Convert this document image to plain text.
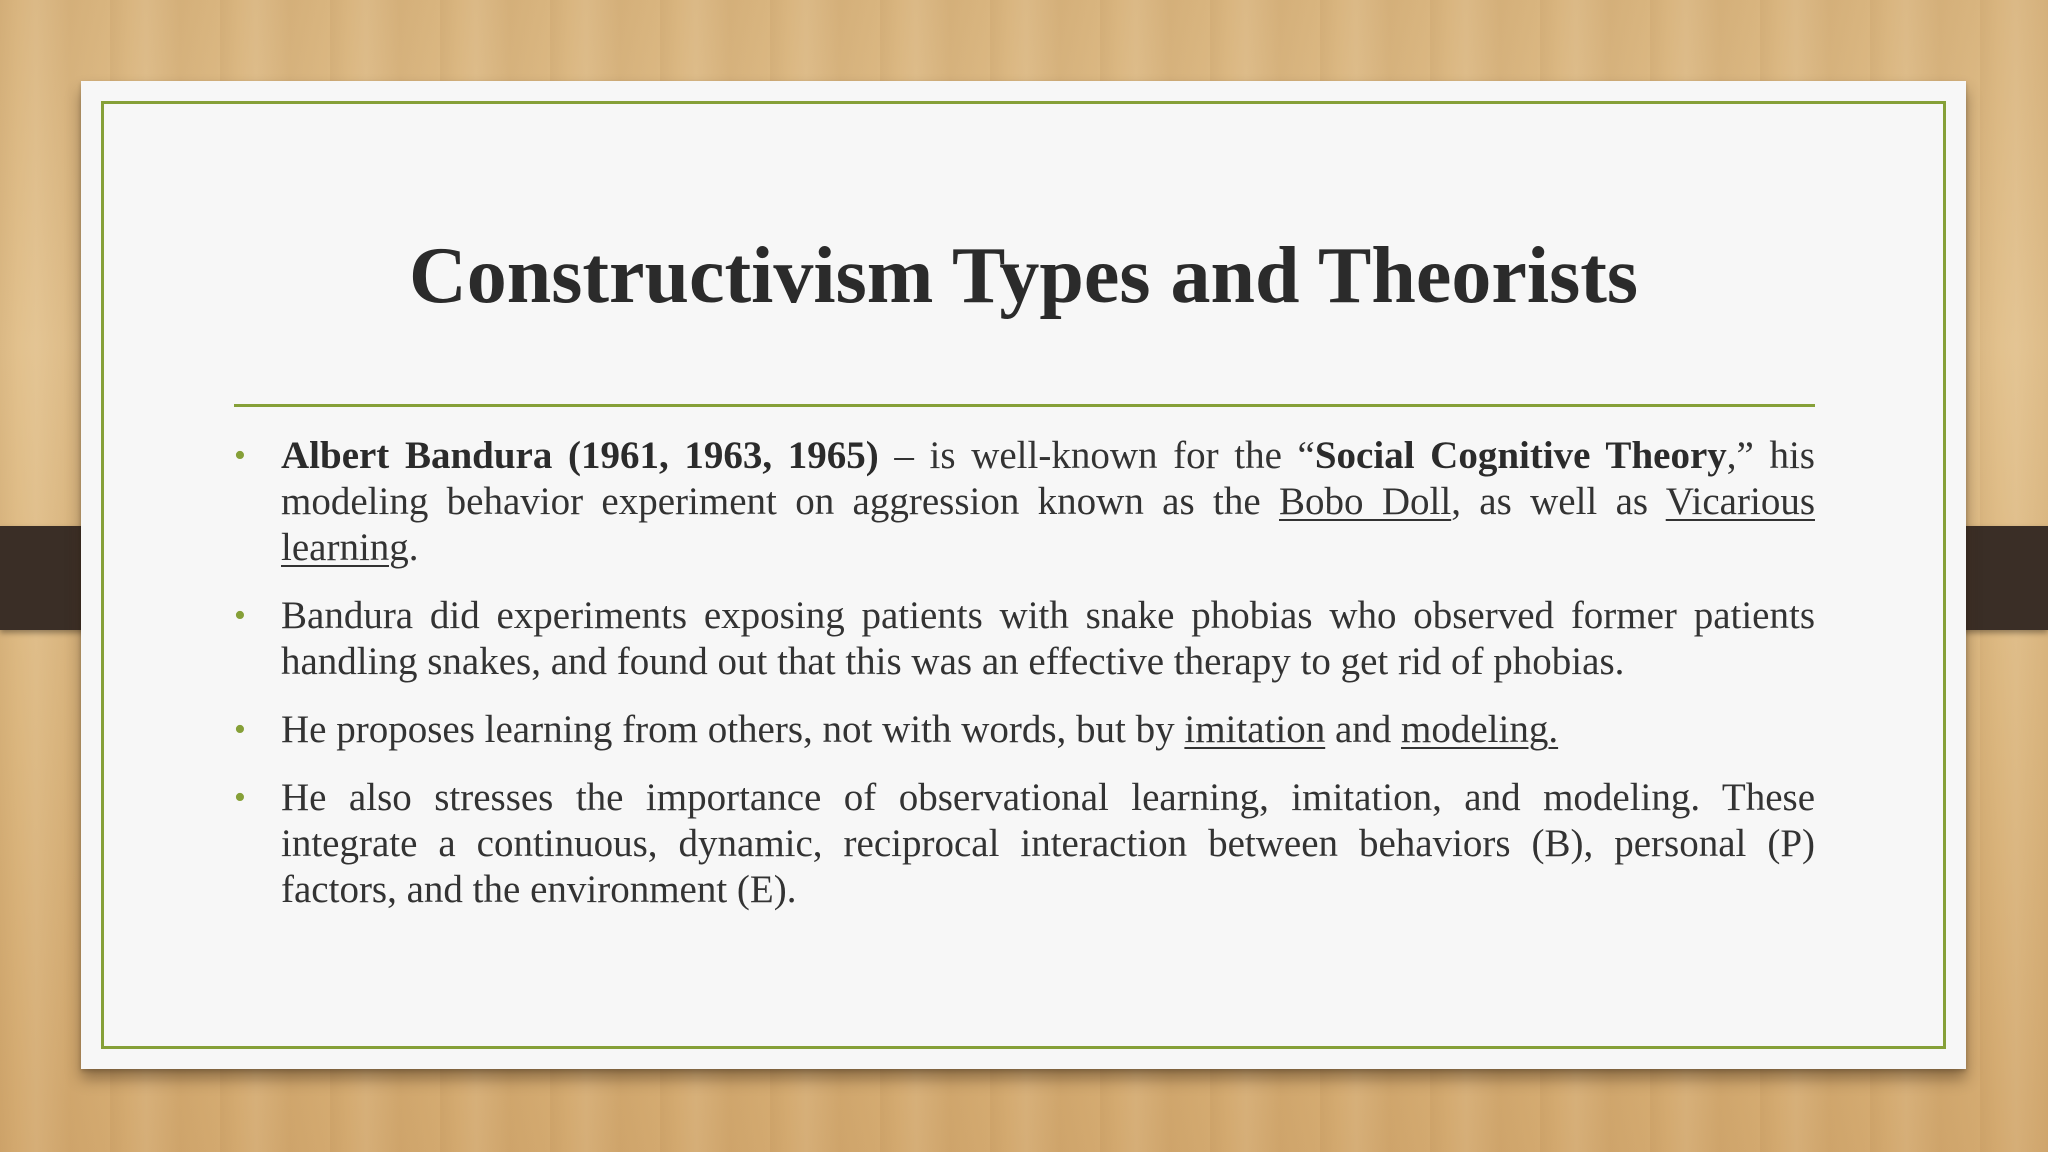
Constructivism Types and Theorists
• Albert Bandura (1961, 1963, 1965) – is well-known for the “Social Cognitive Theory,” his modeling behavior experiment on aggression known as the Bobo Doll, as well as Vicarious learning.
• Bandura did experiments exposing patients with snake phobias who observed former patients handling snakes, and found out that this was an effective therapy to get rid of phobias.
• He proposes learning from others, not with words, but by imitation and modeling.
• He also stresses the importance of observational learning, imitation, and modeling. These integrate a continuous, dynamic, reciprocal interaction between behaviors (B), personal (P) factors, and the environment (E).
